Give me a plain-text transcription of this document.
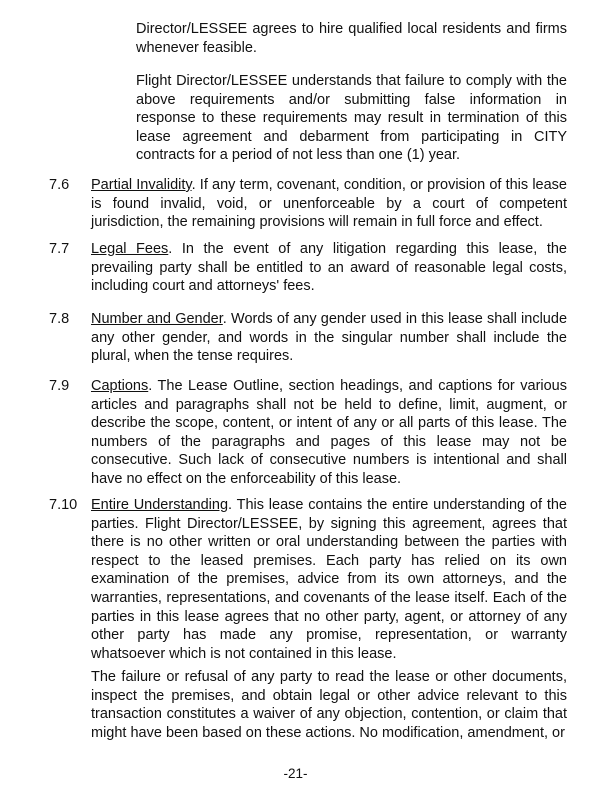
Director/LESSEE agrees to hire qualified local residents and firms whenever feasible.

Flight Director/LESSEE understands that failure to comply with the above requirements and/or submitting false information in response to these requirements may result in termination of this lease agreement and debarment from participating in CITY contracts for a period of not less than one (1) year.

7.6 Partial Invalidity. If any term, covenant, condition, or provision of this lease is found invalid, void, or unenforceable by a court of competent jurisdiction, the remaining provisions will remain in full force and effect.

7.7 Legal Fees. In the event of any litigation regarding this lease, the prevailing party shall be entitled to an award of reasonable legal costs, including court and attorneys' fees.

7.8 Number and Gender. Words of any gender used in this lease shall include any other gender, and words in the singular number shall include the plural, when the tense requires.

7.9 Captions. The Lease Outline, section headings, and captions for various articles and paragraphs shall not be held to define, limit, augment, or describe the scope, content, or intent of any or all parts of this lease. The numbers of the paragraphs and pages of this lease may not be consecutive. Such lack of consecutive numbers is intentional and shall have no effect on the enforceability of this lease.

7.10 Entire Understanding. This lease contains the entire understanding of the parties. Flight Director/LESSEE, by signing this agreement, agrees that there is no other written or oral understanding between the parties with respect to the leased premises. Each party has relied on its own examination of the premises, advice from its own attorneys, and the warranties, representations, and covenants of the lease itself. Each of the parties in this lease agrees that no other party, agent, or attorney of any other party has made any promise, representation, or warranty whatsoever which is not contained in this lease.

The failure or refusal of any party to read the lease or other documents, inspect the premises, and obtain legal or other advice relevant to this transaction constitutes a waiver of any objection, contention, or claim that might have been based on these actions. No modification, amendment, or

-21-
